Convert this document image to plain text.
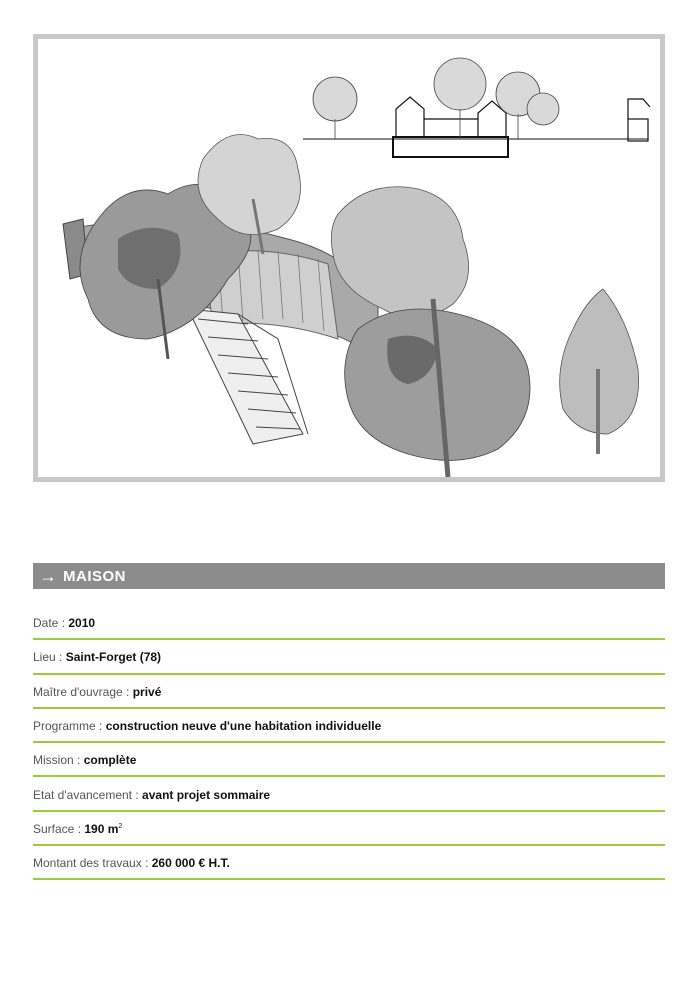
→ MAISON
Date : 2010
Lieu : Saint-Forget (78)
Maître d'ouvrage : privé
Programme : construction neuve d'une habitation individuelle
Mission : complète
Etat d'avancement : avant projet sommaire
Surface : 190 $m^2$
Montant des travaux : 260 000 € H.T.
